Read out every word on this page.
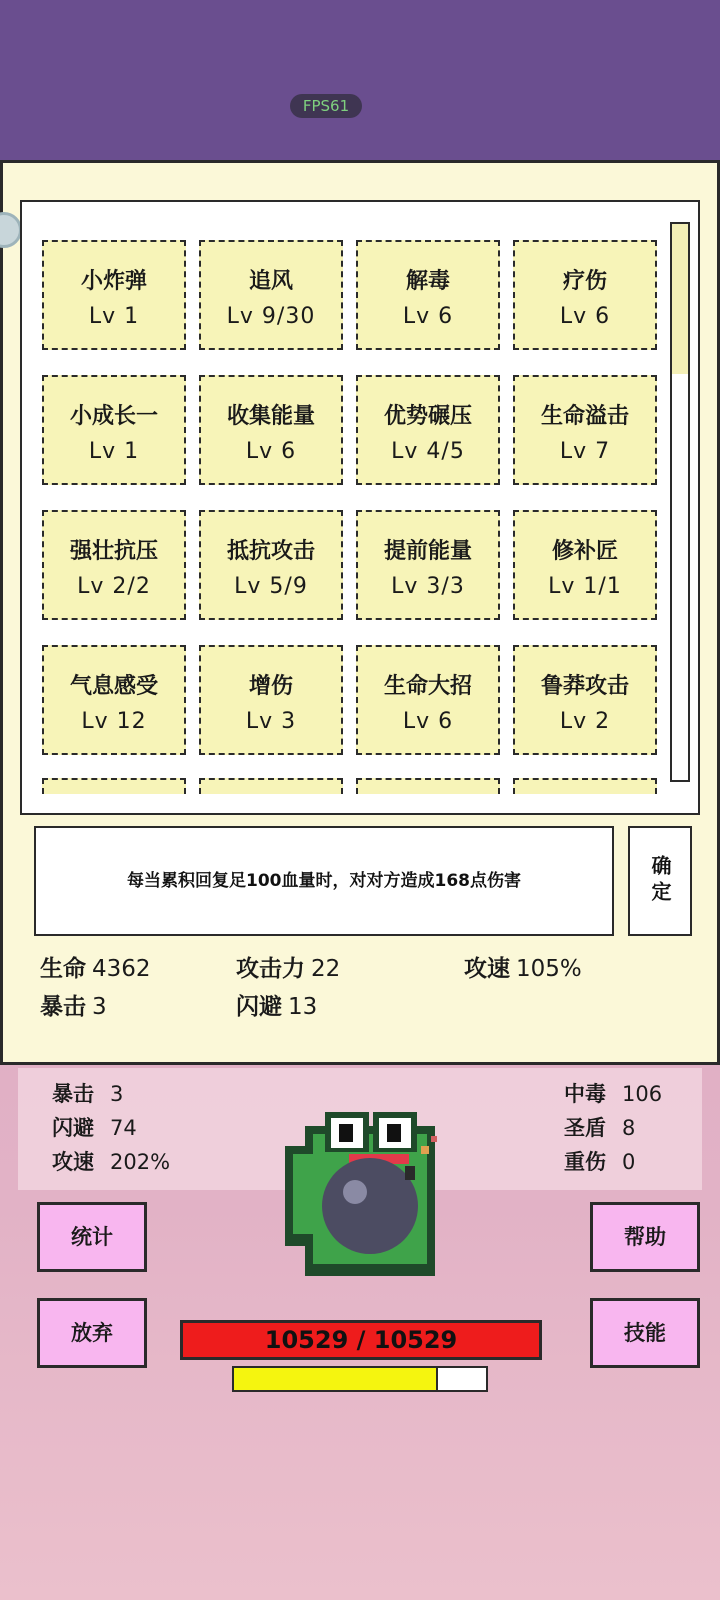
FPS61
小炸弹
Lv 1
追风
Lv 9/30
解毒
Lv 6
疗伤
Lv 6
小成长一
Lv 1
收集能量
Lv 6
优势碾压
Lv 4/5
生命溢击
Lv 7
强壮抗压
Lv 2/2
抵抗攻击
Lv 5/9
提前能量
Lv 3/3
修补匠
Lv 1/1
气息感受
Lv 12
增伤
Lv 3
生命大招
Lv 6
鲁莽攻击
Lv 2
每当累积回复足100血量时，对对方造成168点伤害	确定
生命 4362	攻击力 22	攻速 105%
暴击 3	闪避 13
暴击 3
闪避 74
攻速 202%
中毒 106
圣盾 8
重伤 0
统计	帮助
放弃	技能
10529 / 10529
